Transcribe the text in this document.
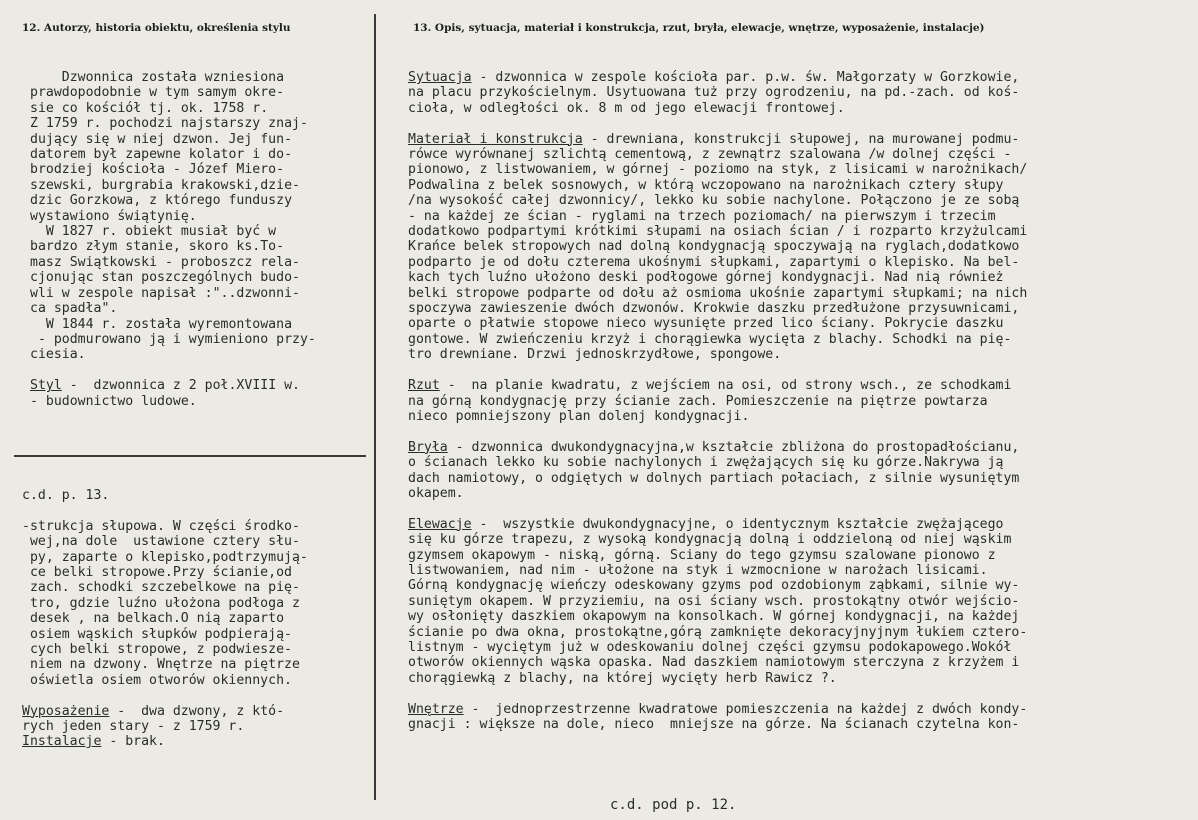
12. Autorzy, historia obiektu, określenia stylu	13. Opis, sytuacja, materiał i konstrukcja, rzut, bryła, elewacje, wnętrze, wyposażenie, instalacje)
Dzwonnica została wzniesiona
prawdopodobnie w tym samym okre-
sie co kościół tj. ok. 1758 r.
Z 1759 r. pochodzi najstarszy znaj-
dujący się w niej dzwon. Jej fun-
datorem był zapewne kolator i do-
brodziej kościoła - Józef Miero-
szewski, burgrabia krakowski,dzie-
dzic Gorzkowa, z którego funduszy
wystawiono świątynię.
W 1827 r. obiekt musiał być w
bardzo złym stanie, skoro ks.To-
masz Swiątkowski - proboszcz rela-
cjonując stan poszczególnych budo-
wli w zespole napisał :"..dzwonni-
ca spadła".
W 1844 r. została wyremontowana
- podmurowano ją i wymieniono przy-
ciesia.
Styl -  dzwonnica z 2 poł.XVIII w.
- budownictwo ludowe.
c.d. p. 13.
-strukcja słupowa. W części środko-
wej,na dole  ustawione cztery słu-
py, zaparte o klepisko,podtrzymują-
ce belki stropowe.Przy ścianie,od
zach. schodki szczebelkowe na pię-
tro, gdzie luźno ułożona podłoga z
desek , na belkach.O nią zaparto
osiem wąskich słupków podpierają-
cych belki stropowe, z podwiesze-
niem na dzwony. Wnętrze na piętrze
oświetla osiem otworów okiennych.
Wyposażenie -  dwa dzwony, z któ-
rych jeden stary - z 1759 r.
Instalacje - brak.
Sytuacja - dzwonnica w zespole kościoła par. p.w. św. Małgorzaty w Gorzkowie,
na placu przykościelnym. Usytuowana tuż przy ogrodzeniu, na pd.-zach. od koś-
cioła, w odległości ok. 8 m od jego elewacji frontowej.
Materiał i konstrukcja - drewniana, konstrukcji słupowej, na murowanej podmu-
rówce wyrównanej szlichtą cementową, z zewnątrz szalowana /w dolnej części -
pionowo, z listwowaniem, w górnej - poziomo na styk, z lisicami w narożnikach/
Podwalina z belek sosnowych, w którą wczopowano na narożnikach cztery słupy
/na wysokość całej dzwonnicy/, lekko ku sobie nachylone. Połączono je ze sobą
- na każdej ze ścian - ryglami na trzech poziomach/ na pierwszym i trzecim
dodatkowo podpartymi krótkimi słupami na osiach ścian / i rozparto krzyżulcami
Krańce belek stropowych nad dolną kondygnacją spoczywają na ryglach,dodatkowo
podparto je od dołu czterema ukośnymi słupkami, zapartymi o klepisko. Na bel-
kach tych luźno ułożono deski podłogowe górnej kondygnacji. Nad nią również
belki stropowe podparte od dołu aż osmioma ukośnie zapartymi słupkami; na nich
spoczywa zawieszenie dwóch dzwonów. Krokwie daszku przedłużone przysuwnicami,
oparte o płatwie stopowe nieco wysunięte przed lico ściany. Pokrycie daszku
gontowe. W zwieńczeniu krzyż i chorągiewka wycięta z blachy. Schodki na pię-
tro drewniane. Drzwi jednoskrzydłowe, spongowe.
Rzut -  na planie kwadratu, z wejściem na osi, od strony wsch., ze schodkami
na górną kondygnację przy ścianie zach. Pomieszczenie na piętrze powtarza
nieco pomniejszony plan dolenj kondygnacji.
Bryła - dzwonnica dwukondygnacyjna,w kształcie zbliżona do prostopadłościanu,
o ścianach lekko ku sobie nachylonych i zwężających się ku górze.Nakrywa ją
dach namiotowy, o odgiętych w dolnych partiach połaciach, z silnie wysuniętym
okapem.
Elewacje -  wszystkie dwukondygnacyjne, o identycznym kształcie zwężającego
się ku górze trapezu, z wysoką kondygnacją dolną i oddzieloną od niej wąskim
gzymsem okapowym - niską, górną. Sciany do tego gzymsu szalowane pionowo z
listwowaniem, nad nim - ułożone na styk i wzmocnione w narożach lisicami.
Górną kondygnację wieńczy odeskowany gzyms pod ozdobionym ząbkami, silnie wy-
suniętym okapem. W przyziemiu, na osi ściany wsch. prostokątny otwór wejścio-
wy osłonięty daszkiem okapowym na konsolkach. W górnej kondygnacji, na każdej
ścianie po dwa okna, prostokątne,górą zamknięte dekoracyjnyjnym łukiem cztero-
listnym - wyciętym już w odeskowaniu dolnej części gzymsu podokapowego.Wokół
otworów okiennych wąska opaska. Nad daszkiem namiotowym sterczyna z krzyżem i
chorągiewką z blachy, na której wycięty herb Rawicz ?.
Wnętrze -  jednoprzestrzenne kwadratowe pomieszczenia na każdej z dwóch kondy-
gnacji : większe na dole, nieco  mniejsze na górze. Na ścianach czytelna kon-
c.d. pod p. 12.
